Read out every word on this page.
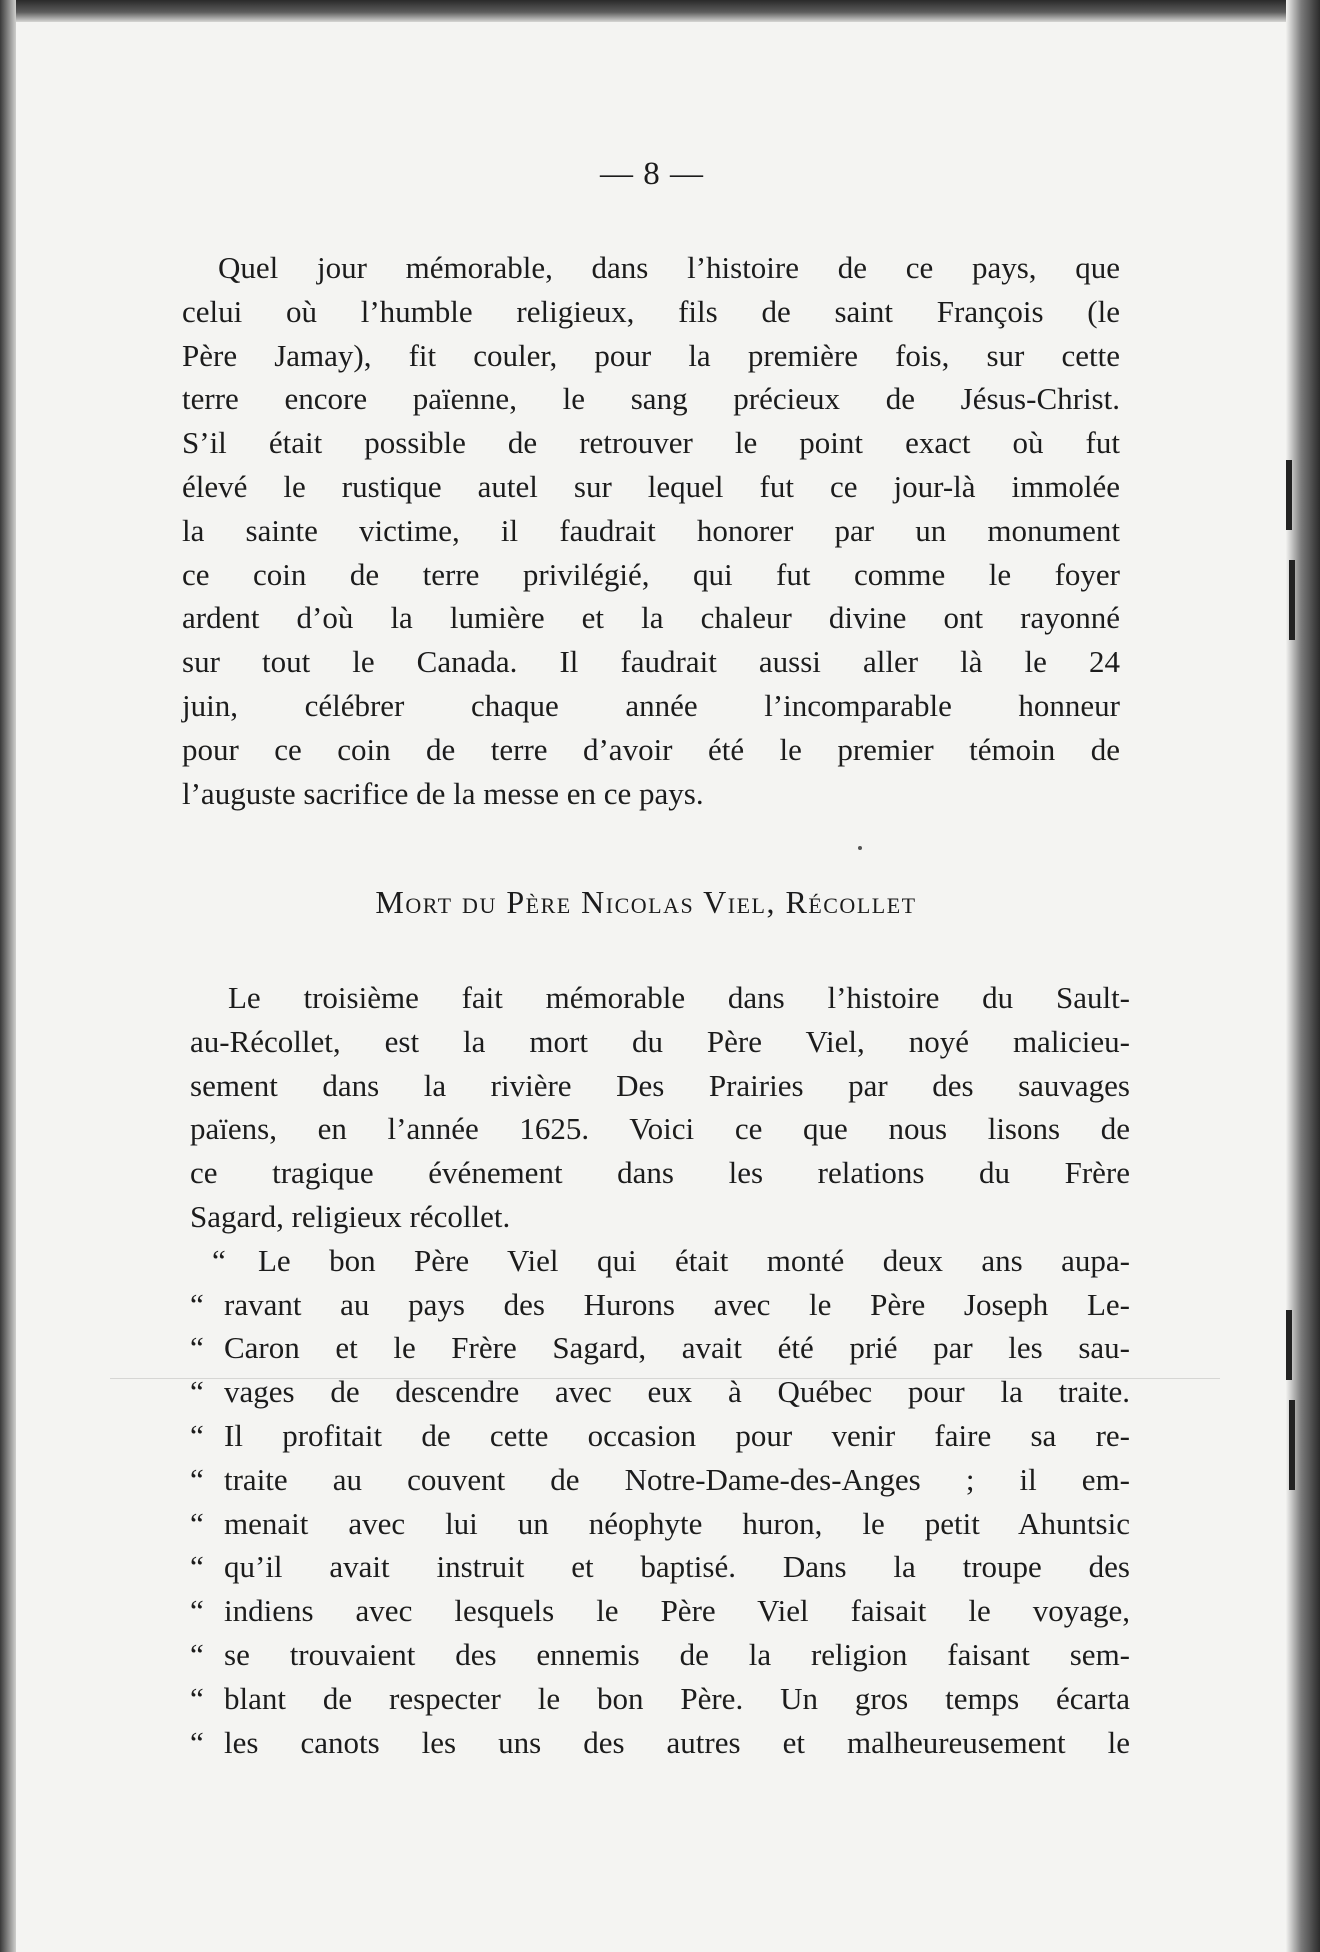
— 8 —

Quel jour mémorable, dans l’histoire de ce pays, que
celui où l’humble religieux, fils de saint François (le
Père Jamay), fit couler, pour la première fois, sur cette
terre encore païenne, le sang précieux de Jésus-Christ.
S’il était possible de retrouver le point exact où fut
élevé le rustique autel sur lequel fut ce jour-là immolée
la sainte victime, il faudrait honorer par un monument
ce coin de terre privilégié, qui fut comme le foyer
ardent d’où la lumière et la chaleur divine ont rayonné
sur tout le Canada. Il faudrait aussi aller là le 24
juin, célébrer chaque année l’incomparable honneur
pour ce coin de terre d’avoir été le premier témoin de
l’auguste sacrifice de la messe en ce pays.

Mort du Père Nicolas Viel, Récollet

Le troisième fait mémorable dans l’histoire du Sault-
au-Récollet, est la mort du Père Viel, noyé malicieu-
sement dans la rivière Des Prairies par des sauvages
païens, en l’année 1625. Voici ce que nous lisons de
ce tragique événement dans les relations du Frère
Sagard, religieux récollet.
“ Le bon Père Viel qui était monté deux ans aupa-
“ ravant au pays des Hurons avec le Père Joseph Le-
“ Caron et le Frère Sagard, avait été prié par les sau-
“ vages de descendre avec eux à Québec pour la traite.
“ Il profitait de cette occasion pour venir faire sa re-
“ traite au couvent de Notre-Dame-des-Anges ; il em-
“ menait avec lui un néophyte huron, le petit Ahuntsic
“ qu’il avait instruit et baptisé. Dans la troupe des
“ indiens avec lesquels le Père Viel faisait le voyage,
“ se trouvaient des ennemis de la religion faisant sem-
“ blant de respecter le bon Père. Un gros temps écarta
“ les canots les uns des autres et malheureusement le
